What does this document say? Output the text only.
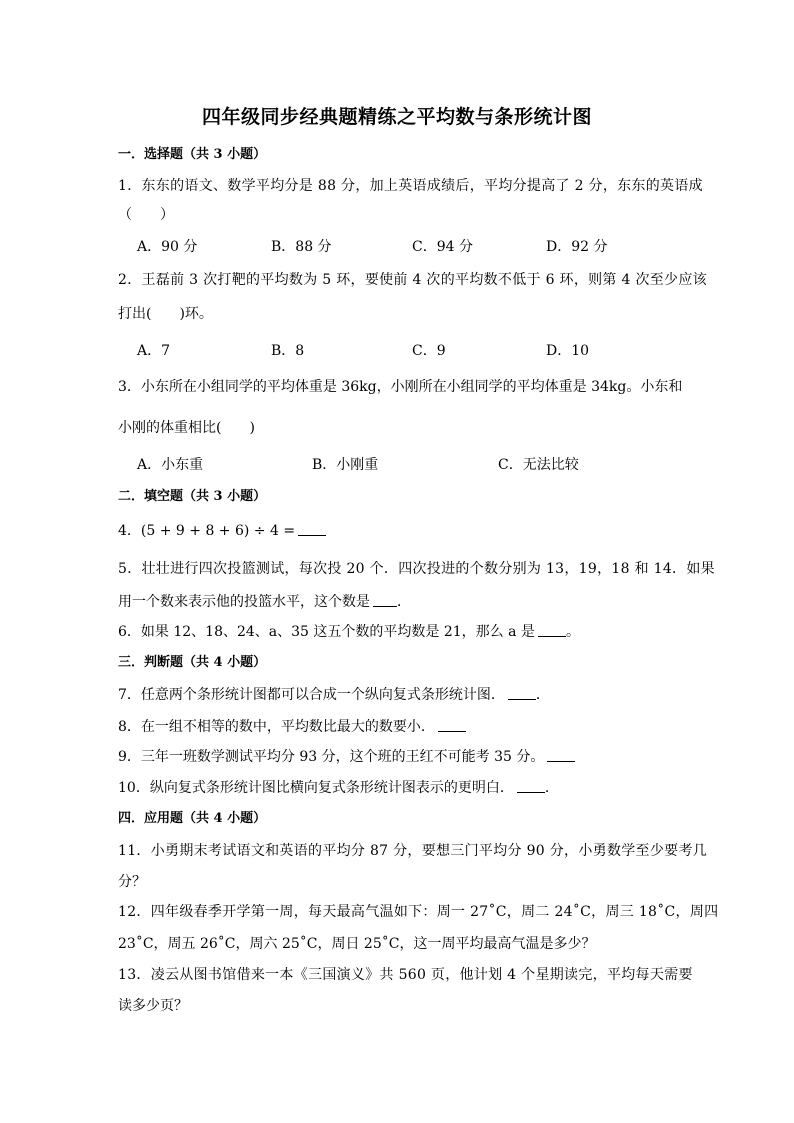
四年级同步经典题精练之平均数与条形统计图
一．选择题（共 3 小题）
1．东东的语文、数学平均分是 88 分，加上英语成绩后，平均分提高了 2 分，东东的英语成
（　　）
A．90 分	B．88 分	C．94 分	D．92 分
2．王磊前 3 次打靶的平均数为 5 环，要使前 4 次的平均数不低于 6 环，则第 4 次至少应该
打出(　　)环。
A．7	B．8	C．9	D．10
3．小东所在小组同学的平均体重是 36kg，小刚所在小组同学的平均体重是 34kg。小东和
小刚的体重相比(　　)
A．小东重	B．小刚重	C．无法比较
二．填空题（共 3 小题）
4．(5 + 9 + 8 + 6) ÷ 4 =
5．壮壮进行四次投篮测试，每次投 20 个．四次投进的个数分别为 13，19，18 和 14．如果
用一个数来表示他的投篮水平，这个数是 ．
6．如果 12、18、24、a、35 这五个数的平均数是 21，那么 a 是 。
三．判断题（共 4 小题）
7．任意两个条形统计图都可以合成一个纵向复式条形统计图． ．
8．在一组不相等的数中，平均数比最大的数要小．
9．三年一班数学测试平均分 93 分，这个班的王红不可能考 35 分。
10．纵向复式条形统计图比横向复式条形统计图表示的更明白． ．
四．应用题（共 4 小题）
11．小勇期末考试语文和英语的平均分 87 分，要想三门平均分 90 分，小勇数学至少要考几
分？
12．四年级春季开学第一周，每天最高气温如下：周一 27˚C，周二 24˚C，周三 18˚C，周四
23˚C，周五 26˚C，周六 25˚C，周日 25˚C，这一周平均最高气温是多少？
13．凌云从图书馆借来一本《三国演义》共 560 页，他计划 4 个星期读完，平均每天需要
读多少页？
